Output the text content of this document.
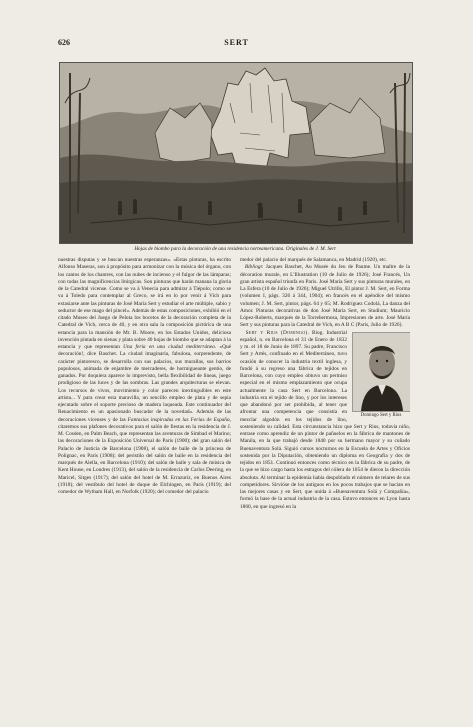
626	SERT
Hojas de biombo para la decoración de una residencia norteamericana. Originales de J. M. Sert

nuestras disputas y se buscan nuestras esperanzas». «Estas pinturas, ha escrito Alfonso Maseras, son á propósito para armonizar con la música del órgano, con los cantos de los chantres, con las nubes de incienso y el fulgor de las lámparas; con todas las magnificencias litúrgicas. Son pinturas que harán manana la gloria de la Catedral vicense. Como se va á Venecia para admirar á Tiépolo; como se va á Toledo para contemplar al Greco, se irá en lo por venir á Vich para extasiarse ante las pinturas de José María Sert y estudiar el arte múltiple, sabio y seductor de ese mago del pincel». Además de estas composiciones, exhibió en el citado Museo del Juego de Pelota los bocetos de la decoración completa de la Catedral de Vich, cerca de 40, y en otra sala la composición pictórica de una estancia para la mansión de Mr. B. Moore, en los Estados Unidos, deliciosa invención pintada en sienas y plata sobre 40 hojas de biombo que se adaptan á la estancia y que representan Una feria en una ciudad mediterránea. «Qué decoración!, dice Baschet. La ciudad imaginaria, fabulosa, sorprendente, de carácter pintoresco, se desarrolla con sus palacios, sus murallas, sus barrios populosos, animada de enjambre de mercaderes, de hormigueante gentío, de ganados. Por doquiera aparece lo imprevisto, bella flexibilidad de líneas, juego prodigioso de las luces y de las sombras. Las grandes arquitecturas se elevan. Los recursos de vivos, movimiento y color parecen inextinguibles en este artista... Y para crear esta maravilla, un sencillo empleo de plata y de sepia ejecutado sobre el soporte precioso de madera laqueada. Este continuador del Renacimiento es un apasionado buscador de la novedad». Además de las decoraciones vicenses y de las Fantasías inspiradas en las Ferias de España, citaremos sus plafones decorativos para el salón de fiestas en la residencia de J. M. Cosden, en Palm Beach, que representan las aventuras de Simbad el Marino; las decoraciones de la Exposición Universal de París (1900); del gran salón del Palacio de Justicia de Barcelona (1908), el salón de baile de la princesa de Polignac, en París (1908); del peristilo del salón de baile en la residencia del marqués de Alella, en Barcelona (1910); del salón de baile y sala de música de Kent House, en Londres (1913), del salón de la residencia de Carlos Deering, en Maricel, Sitges (1917); del salón del hotel de M. Errazuriz, en Buenos Aires (1918); del vestíbulo del hotel de duque de Elchingen, en París (1919); del comedor de Wytham Hall, en Norfolk (1920); del comedor del palacio

medor del palacio del marqués de Salamanca, en Madrid (1920), etc.

Bibliogr. Jacques Baschet, Au Musée du Jeu de Paume. Un maître de la décoration murale, en L'Illustration (10 de Julio de 1926); José Francés, Un gran artista español triunfa en París. José María Sert y sus pinturas murales, en La Esfera (10 de Julio de 1926); Miguel Utrillo, El pintor J. M. Sert, en Forma (volumen I, págs. 326 á 344, 1904); en francés en el apéndice del mismo volumen; J. M. Sert, pintor, págs. 64 y 65; M. Rodríguez Codolá, La danza del Amor. Pinturas decorativas de don José María Sert, en Studium; Mauricio López-Roberts, marqués de la Torrehermosa, Impresiones de arte. José María Sert y sus pinturas para la Catedral de Vich, en A B C (París, Julio de 1926).

Sert y Rius (Domingo).
Domingo Sert y Rius
Biog. Industrial español, n. en Barcelona el 31 de Enero de 1832 y m. el 18 de Junio de 1897. Su padre, Francisco Sert y Artés, confinado en el Mediterráneo, tuvo ocasión de conocer la industria textil inglesa, y fundó á su regreso una fábrica de tejidos en Barcelona, con cuyo empleo obtuvo un permiso especial en el mismo emplazamiento que ocupa actualmente la casa Sert en Barcelona. La industria era el tejido de lino, y por los intereses que abandonó por ser prohibida, al tener que afrontar una competencia que consistía en mezclar algodón en los tejidos de lino, sosteniendo su calidad. Esta circunstancia hizo que Sert y Rius, todavía niño, entrase como aprendiz de un pintor de pañuelos en la fábrica de mantones de Manila, en la que trabajó desde 1840 por su hermano mayor y su cuñado Buenaventura Solá. Siguió cursos nocturnos en la Escuela de Artes y Oficios sostenida por la Diputación, obteniendo un diploma en Geografía y dos de tejidos en 1851. Continuó entonces como técnico en la fábrica de su padre, de la que se hizo cargo hasta los estragos del cólera de 1854 le dieron la dirección absoluta. Al terminar la epidemia había despoblado el número de telares de sus competidores. Sirvióse de los antiguos en los pocos trabajos que se hacían en las mejores casas y en Sert, que unida á «Buenaventura Solá y Compañía», formó la base de la actual industria de la casa. Estuvo entonces en Lyon hasta 1860, en que ingresó en la
